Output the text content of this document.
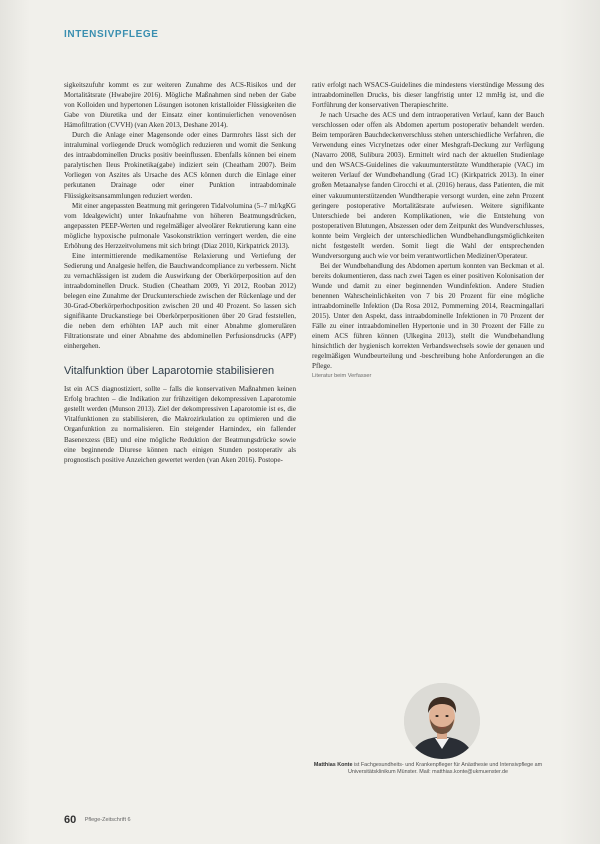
INTENSIVPFLEGE

sigkeitszufuhr kommt es zur weiteren Zunahme des ACS-Risikos und der Mortalitätsrate (Hwabejire 2016). Mögliche Maßnahmen sind neben der Gabe von Kolloiden und hypertonen Lösungen isotonen kristalloider Flüssigkeiten die Gabe von Diuretika und der Einsatz einer kontinuierlichen venovenösen Hämofiltration (CVVH) (van Aken 2013, Deshane 2014).

Durch die Anlage einer Magensonde oder eines Darmrohrs lässt sich der intraluminal vorliegende Druck womöglich reduzieren und womit die Senkung des intraabdominellen Drucks positiv beeinflussen. Ebenfalls können bei einem paralytischen Ileus Prokinetika(gabe) indiziert sein (Cheatham 2007). Beim Vorliegen von Aszites als Ursache des ACS können durch die Einlage einer perkutanen Drainage oder einer Punktion intraabdominale Flüssigkeitsansammlungen reduziert werden.

Mit einer angepassten Beatmung mit geringeren Tidalvolumina (5–7 ml/kgKG vom Idealgewicht) unter Inkaufnahme von höheren Beatmungsdrücken, angepassten PEEP-Werten und regelmäßiger alveolärer Rekrutierung kann eine mögliche hypoxische pulmonale Vasokonstriktion verringert werden, die eine Erhöhung des Herzzeitvolumens mit sich bringt (Diaz 2010, Kirkpatrick 2013).

Eine intermittierende medikamentöse Relaxierung und Vertiefung der Sedierung und Analgesie helfen, die Bauchwandcompliance zu verbessern. Nicht zu vernachlässigen ist zudem die Auswirkung der Oberkörperposition auf den intraabdominellen Druck. Studien (Cheatham 2009, Yi 2012, Rooban 2012) belegen eine Zunahme der Druckunterschiede zwischen der Rückenlage und der 30-Grad-Oberkörperhochposition zwischen 20 und 40 Prozent. So lassen sich signifikante Druckanstiege bei Oberkörperpositionen über 20 Grad feststellen, die neben dem erhöhten IAP auch mit einer Abnahme glomerulären Filtrationsrate und einer Abnahme des abdominellen Perfusionsdrucks (APP) einhergehen.

Vitalfunktion über Laparotomie stabilisieren

Ist ein ACS diagnostiziert, sollte – falls die konservativen Maßnahmen keinen Erfolg brachten – die Indikation zur frühzeitigen dekompressiven Laparotomie gestellt werden (Munson 2013). Ziel der dekompressiven Laparotomie ist es, die Vitalfunktionen zu stabilisieren, die Makrozirkulation zu optimieren und die Organfunktion zu normalisieren. Ein steigender Harnindex, ein fallender Basenexzess (BE) und eine mögliche Reduktion der Beatmungsdrücke sowie eine beginnende Diurese können nach einigen Stunden postoperativ als prognostisch positive Anzeichen gewertet werden (van Aken 2016). Postope-

rativ erfolgt nach WSACS-Guidelines die mindestens vierstündige Messung des intraabdominellen Drucks, bis dieser langfristig unter 12 mmHg ist, und die Fortführung der konservativen Therapieschritte.

Je nach Ursache des ACS und dem intraoperativen Verlauf, kann der Bauch verschlossen oder offen als Abdomen apertum postoperativ behandelt werden. Beim temporären Bauchdeckenverschluss stehen unterschiedliche Verfahren, die Verwendung eines Vicrylnetzes oder einer Meshgraft-Deckung zur Verfügung (Navarro 2008, Sulibura 2003). Ermittelt wird nach der aktuellen Studienlage und den WSACS-Guidelines die vakuumunterstützte Wundtherapie (VAC) im weiteren Verlauf der Wundbehandlung (Grad 1C) (Kirkpatrick 2013). In einer großen Metaanalyse fanden Cirocchi et al. (2016) heraus, dass Patienten, die mit einer vakuumunterstützenden Wundtherapie versorgt wurden, eine zehn Prozent geringere postoperative Mortalitätsrate aufwiesen. Weitere signifikante Unterschiede bei anderen Komplikationen, wie die Entstehung von postoperativen Blutungen, Abszessen oder dem Zeitpunkt des Wundverschlusses, konnte beim Vergleich der unterschiedlichen Wundbehandlungsmöglichkeiten nicht festgestellt werden. Somit liegt die Wahl der entsprechenden Wundversorgung auch wie vor beim verantwortlichen Mediziner/Operateur.

Bei der Wundbehandlung des Abdomen apertum konnten van Beckman et al. bereits dokumentieren, dass nach zwei Tagen es einer positiven Kolonisation der Wunde und damit zu einer beginnenden Wundinfektion. Andere Studien benennen Wahrscheinlichkeiten von 7 bis 20 Prozent für eine mögliche intraabdominelle Infektion (Da Rosa 2012, Pommerning 2014, Reacmingallari 2015). Unter den Aspekt, dass intraabdominelle Infektionen in 70 Prozent der Fälle zu einer intraabdominellen Hypertonie und in 30 Prozent der Fälle zu einem ACS führen können (Ulkegina 2013), stellt die Wundbehandlung hinsichtlich der hygienisch korrekten Verbandswechsels sowie der genauen und regelmäßigen Wundbeurteilung und -beschreibung hohe Anforderungen an die Pflege.

Literatur beim Verfasser

Matthias Konte ist Fachgesundheits- und Krankenpfleger für Anästhesie und Intensivpflege am Universitätsklinikum Münster. Mail: matthias.konte@ukmuenster.de
60 Pflege-Zeitschrift 6
